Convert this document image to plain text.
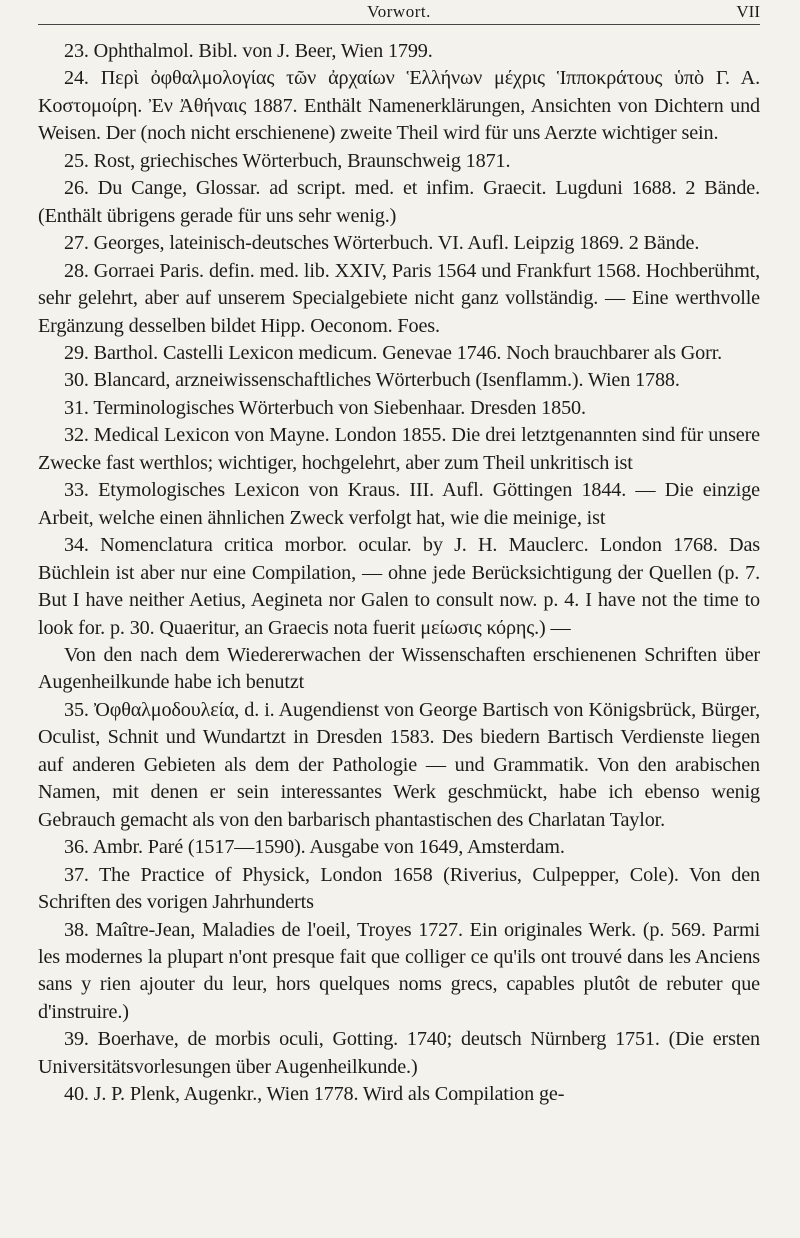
Vorwort.	VII

23. Ophthalmol. Bibl. von J. Beer, Wien 1799.

24. Περὶ ὀφθαλμολογίας τῶν ἀρχαίων Ἑλλήνων μέχρις Ἱπποκράτους ὑπὸ Γ. Α. Κοστομοίρη. Ἐν Ἀθήναις 1887. Enthält Namenerklärungen, Ansichten von Dichtern und Weisen. Der (noch nicht erschienene) zweite Theil wird für uns Aerzte wichtiger sein.

25. Rost, griechisches Wörterbuch, Braunschweig 1871.

26. Du Cange, Glossar. ad script. med. et infim. Graecit. Lugduni 1688. 2 Bände. (Enthält übrigens gerade für uns sehr wenig.)

27. Georges, lateinisch-deutsches Wörterbuch. VI. Aufl. Leipzig 1869. 2 Bände.

28. Gorraei Paris. defin. med. lib. XXIV, Paris 1564 und Frankfurt 1568. Hochberühmt, sehr gelehrt, aber auf unserem Specialgebiete nicht ganz vollständig. — Eine werthvolle Ergänzung desselben bildet Hipp. Oeconom. Foes.

29. Barthol. Castelli Lexicon medicum. Genevae 1746. Noch brauchbarer als Gorr.

30. Blancard, arzneiwissenschaftliches Wörterbuch (Isenflamm.). Wien 1788.

31. Terminologisches Wörterbuch von Siebenhaar. Dresden 1850.

32. Medical Lexicon von Mayne. London 1855. Die drei letztgenannten sind für unsere Zwecke fast werthlos; wichtiger, hochgelehrt, aber zum Theil unkritisch ist

33. Etymologisches Lexicon von Kraus. III. Aufl. Göttingen 1844. — Die einzige Arbeit, welche einen ähnlichen Zweck verfolgt hat, wie die meinige, ist

34. Nomenclatura critica morbor. ocular. by J. H. Mauclerc. London 1768. Das Büchlein ist aber nur eine Compilation, — ohne jede Berücksichtigung der Quellen (p. 7. But I have neither Aetius, Aegineta nor Galen to consult now. p. 4. I have not the time to look for. p. 30. Quaeritur, an Graecis nota fuerit μείωσις κόρης.) —

Von den nach dem Wiedererwachen der Wissenschaften erschienenen Schriften über Augenheilkunde habe ich benutzt

35. Ὀφθαλμοδουλεία, d. i. Augendienst von George Bartisch von Königsbrück, Bürger, Oculist, Schnit und Wundartzt in Dresden 1583. Des biedern Bartisch Verdienste liegen auf anderen Gebieten als dem der Pathologie — und Grammatik. Von den arabischen Namen, mit denen er sein interessantes Werk geschmückt, habe ich ebenso wenig Gebrauch gemacht als von den barbarisch phantastischen des Charlatan Taylor.

36. Ambr. Paré (1517—1590). Ausgabe von 1649, Amsterdam.

37. The Practice of Physick, London 1658 (Riverius, Culpepper, Cole). Von den Schriften des vorigen Jahrhunderts

38. Maître-Jean, Maladies de l'oeil, Troyes 1727. Ein originales Werk. (p. 569. Parmi les modernes la plupart n'ont presque fait que colliger ce qu'ils ont trouvé dans les Anciens sans y rien ajouter du leur, hors quelques noms grecs, capables plutôt de rebuter que d'instruire.)

39. Boerhave, de morbis oculi, Gotting. 1740; deutsch Nürnberg 1751. (Die ersten Universitätsvorlesungen über Augenheilkunde.)

40. J. P. Plenk, Augenkr., Wien 1778. Wird als Compilation ge-
